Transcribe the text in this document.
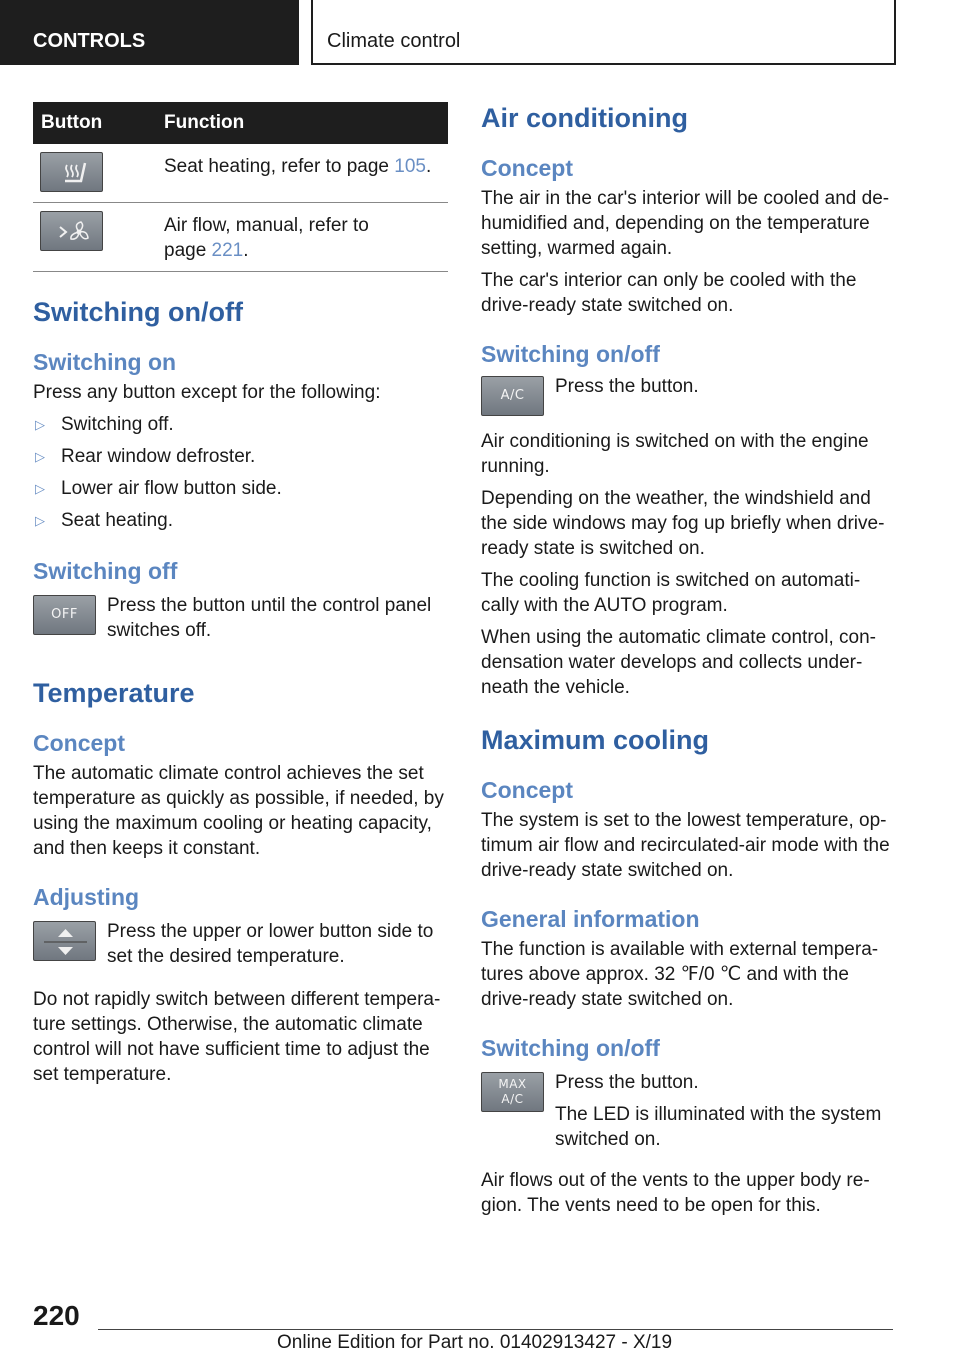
CONTROLS	Climate control
Button	Function

	Seat heating, refer to page 105.

Air flow, manual, refer to
page 221.
Switching on/off
Switching on

Press any button except for the following:

▷ Switching off.
▷ Rear window defroster.
▷ Lower air flow button side.
▷ Seat heating.
Switching off
OFF	Press the button until the control panel switches off.
Temperature
Concept

The automatic climate control achieves the set temperature as quickly as possible, if needed, by using the maximum cooling or heating capacity, and then keeps it constant.

Adjusting
Press the upper or lower button side to set the desired temperature.

Do not rapidly switch between different tempera-ture settings. Otherwise, the automatic climate control will not have sufficient time to adjust the set temperature.

Air conditioning
Concept

The air in the car's interior will be cooled and de-humidified and, depending on the temperature setting, warmed again.

The car's interior can only be cooled with the drive-ready state switched on.

Switching on/off
A/C	Press the button.

Air conditioning is switched on with the engine running.

Depending on the weather, the windshield and the side windows may fog up briefly when drive-ready state is switched on.

The cooling function is switched on automati-cally with the AUTO program.

When using the automatic climate control, con-densation water develops and collects under-neath the vehicle.

Maximum cooling
Concept

The system is set to the lowest temperature, op-timum air flow and recirculated-air mode with the drive-ready state switched on.

General information

The function is available with external tempera-tures above approx. 32 ℉/0 ℃ and with the drive-ready state switched on.

Switching on/off
MAX
A/C
Press the button.
The LED is illuminated with the system switched on.

Air flows out of the vents to the upper body re-gion. The vents need to be open for this.

220
Online Edition for Part no. 01402913427 - X/19
